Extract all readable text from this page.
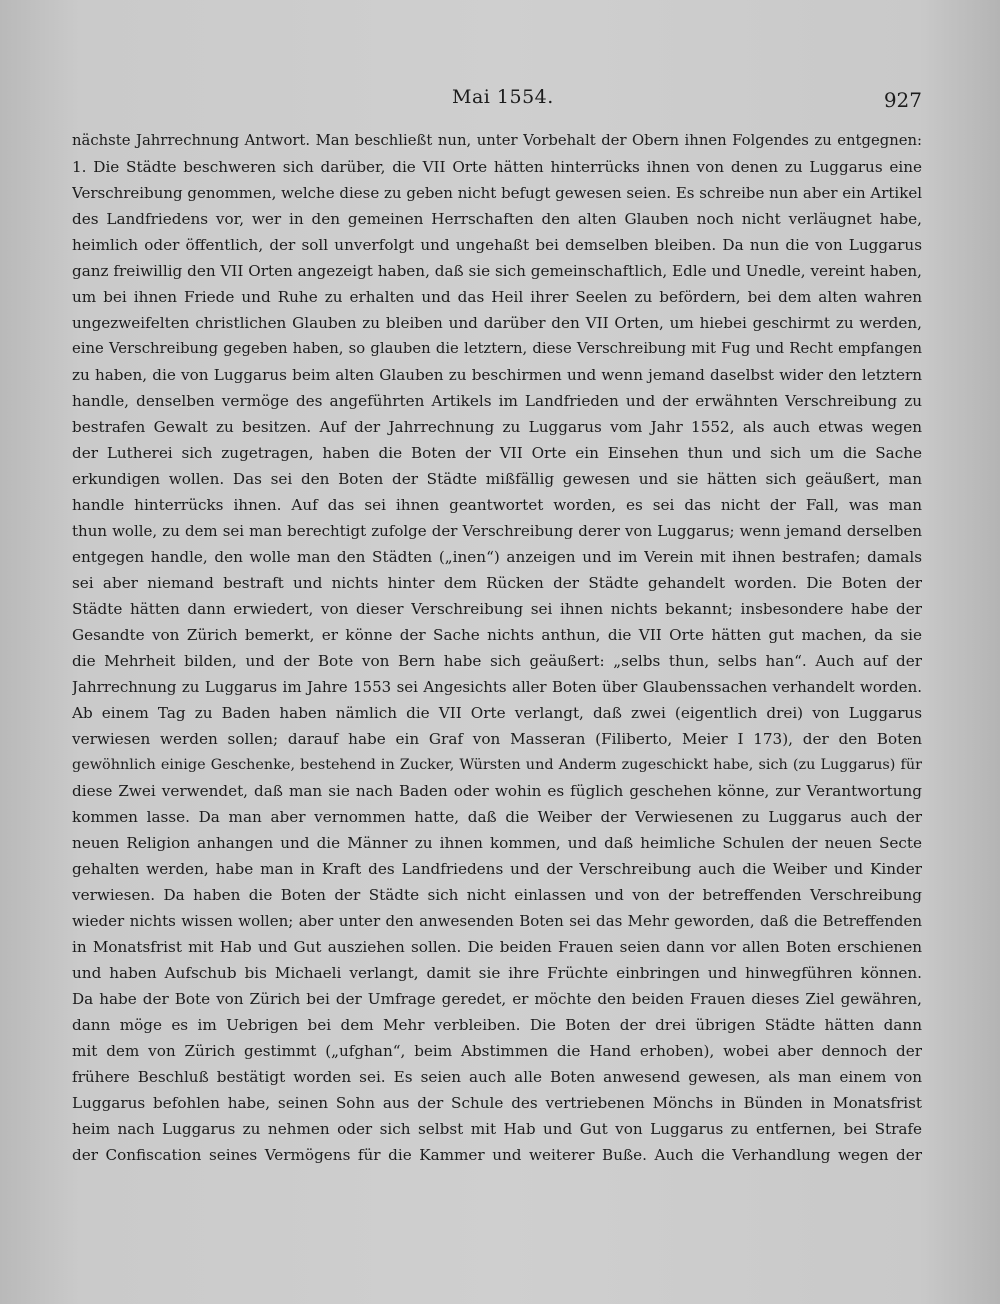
Mai 1554.	927
nächste Jahrrechnung Antwort. Man beschließt nun, unter Vorbehalt der Obern ihnen Folgendes zu entgegnen:
1. Die Städte beschweren sich darüber, die VII Orte hätten hinterrücks ihnen von denen zu Luggarus eine
Verschreibung genommen, welche diese zu geben nicht befugt gewesen seien. Es schreibe nun aber ein Artikel
des Landfriedens vor, wer in den gemeinen Herrschaften den alten Glauben noch nicht verläugnet habe,
heimlich oder öffentlich, der soll unverfolgt und ungehaßt bei demselben bleiben. Da nun die von Luggarus
ganz freiwillig den VII Orten angezeigt haben, daß sie sich gemeinschaftlich, Edle und Unedle, vereint haben,
um bei ihnen Friede und Ruhe zu erhalten und das Heil ihrer Seelen zu befördern, bei dem alten wahren
ungezweifelten christlichen Glauben zu bleiben und darüber den VII Orten, um hiebei geschirmt zu werden,
eine Verschreibung gegeben haben, so glauben die letztern, diese Verschreibung mit Fug und Recht empfangen
zu haben, die von Luggarus beim alten Glauben zu beschirmen und wenn jemand daselbst wider den letztern
handle, denselben vermöge des angeführten Artikels im Landfrieden und der erwähnten Verschreibung zu
bestrafen Gewalt zu besitzen. Auf der Jahrrechnung zu Luggarus vom Jahr 1552, als auch etwas wegen
der Lutherei sich zugetragen, haben die Boten der VII Orte ein Einsehen thun und sich um die Sache
erkundigen wollen. Das sei den Boten der Städte mißfällig gewesen und sie hätten sich geäußert, man
handle hinterrücks ihnen. Auf das sei ihnen geantwortet worden, es sei das nicht der Fall, was man
thun wolle, zu dem sei man berechtigt zufolge der Verschreibung derer von Luggarus; wenn jemand derselben
entgegen handle, den wolle man den Städten („inen“) anzeigen und im Verein mit ihnen bestrafen; damals
sei aber niemand bestraft und nichts hinter dem Rücken der Städte gehandelt worden. Die Boten der
Städte hätten dann erwiedert, von dieser Verschreibung sei ihnen nichts bekannt; insbesondere habe der
Gesandte von Zürich bemerkt, er könne der Sache nichts anthun, die VII Orte hätten gut machen, da sie
die Mehrheit bilden, und der Bote von Bern habe sich geäußert: „selbs thun, selbs han“. Auch auf der
Jahrrechnung zu Luggarus im Jahre 1553 sei Angesichts aller Boten über Glaubenssachen verhandelt worden.
Ab einem Tag zu Baden haben nämlich die VII Orte verlangt, daß zwei (eigentlich drei) von Luggarus
verwiesen werden sollen; darauf habe ein Graf von Masseran (Filiberto, Meier I 173), der den Boten
gewöhnlich einige Geschenke, bestehend in Zucker, Würsten und Anderm zugeschickt habe, sich (zu Luggarus) für
diese Zwei verwendet, daß man sie nach Baden oder wohin es füglich geschehen könne, zur Verantwortung
kommen lasse. Da man aber vernommen hatte, daß die Weiber der Verwiesenen zu Luggarus auch der
neuen Religion anhangen und die Männer zu ihnen kommen, und daß heimliche Schulen der neuen Secte
gehalten werden, habe man in Kraft des Landfriedens und der Verschreibung auch die Weiber und Kinder
verwiesen. Da haben die Boten der Städte sich nicht einlassen und von der betreffenden Verschreibung
wieder nichts wissen wollen; aber unter den anwesenden Boten sei das Mehr geworden, daß die Betreffenden
in Monatsfrist mit Hab und Gut ausziehen sollen. Die beiden Frauen seien dann vor allen Boten erschienen
und haben Aufschub bis Michaeli verlangt, damit sie ihre Früchte einbringen und hinwegführen können.
Da habe der Bote von Zürich bei der Umfrage geredet, er möchte den beiden Frauen dieses Ziel gewähren,
dann möge es im Uebrigen bei dem Mehr verbleiben. Die Boten der drei übrigen Städte hätten dann
mit dem von Zürich gestimmt („ufghan“, beim Abstimmen die Hand erhoben), wobei aber dennoch der
frühere Beschluß bestätigt worden sei. Es seien auch alle Boten anwesend gewesen, als man einem von
Luggarus befohlen habe, seinen Sohn aus der Schule des vertriebenen Mönchs in Bünden in Monatsfrist
heim nach Luggarus zu nehmen oder sich selbst mit Hab und Gut von Luggarus zu entfernen, bei Strafe
der Confiscation seines Vermögens für die Kammer und weiterer Buße. Auch die Verhandlung wegen der
